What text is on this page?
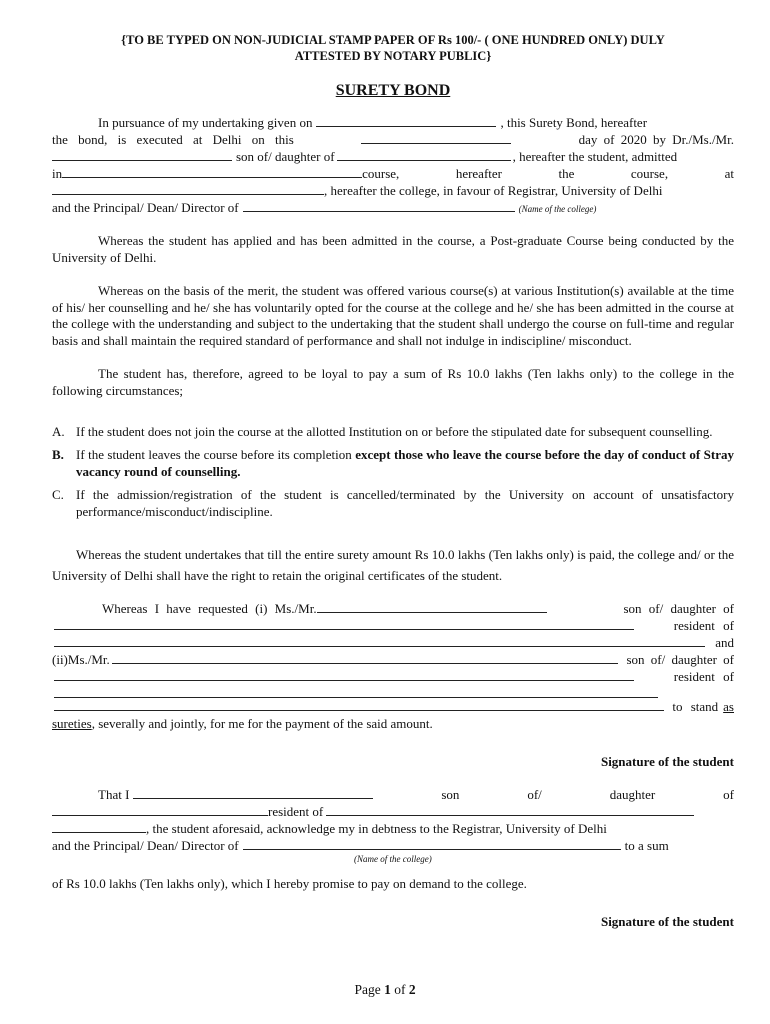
{TO BE TYPED ON NON-JUDICIAL STAMP PAPER OF Rs 100/- ( ONE HUNDRED ONLY) DULY
ATTESTED BY NOTARY PUBLIC}
SURETY BOND
In pursuance of my undertaking given on	, this Surety Bond, hereafter
the bond, is executed at Delhi on this	day of 2020 by Dr./Ms./Mr.
son of/ daughter of	, hereafter the student, admitted
in	course,	hereafter	the	course,	at
, hereafter the college, in favour of Registrar, University of Delhi
and the Principal/ Dean/ Director of	(Name of the college)

Whereas the student has applied and has been admitted in the course, a Post-graduate Course being conducted by the University of Delhi.

Whereas on the basis of the merit, the student was offered various course(s) at various Institution(s) available at the time of his/ her counselling and he/ she has voluntarily opted for the course at the college and he/ she has been admitted in the course at the college with the understanding and subject to the undertaking that the student shall undergo the course on full-time and regular basis and shall maintain the required standard of performance and shall not indulge in indiscipline/ misconduct.

The student has, therefore, agreed to be loyal to pay a sum of Rs 10.0 lakhs (Ten lakhs only) to the college in the following circumstances;

A. If the student does not join the course at the allotted Institution on or before the stipulated date for subsequent counselling.
B. If the student leaves the course before its completion except those who leave the course before the day of conduct of Stray vacancy round of counselling.
C. If the admission/registration of the student is cancelled/terminated by the University on account of unsatisfactory performance/misconduct/indiscipline.

Whereas the student undertakes that till the entire surety amount Rs 10.0 lakhs (Ten lakhs only) is paid, the college and/ or the University of Delhi shall have the right to retain the original certificates of the student.

Whereas I have requested (i) Ms./Mr.	son of/ daughter of
resident of
and
(ii)Ms./Mr.	son of/ daughter of
resident of
to stand as
sureties , severally and jointly, for me for the payment of the said amount.
Signature of the student
That I	son	of/	daughter	of
resident of
, the student aforesaid, acknowledge my in debtness to the Registrar, University of Delhi
and the Principal/ Dean/ Director of	to a sum
(Name of the college)
of Rs 10.0 lakhs (Ten lakhs only), which I hereby promise to pay on demand to the college.
Signature of the student
Page 1 of 2
